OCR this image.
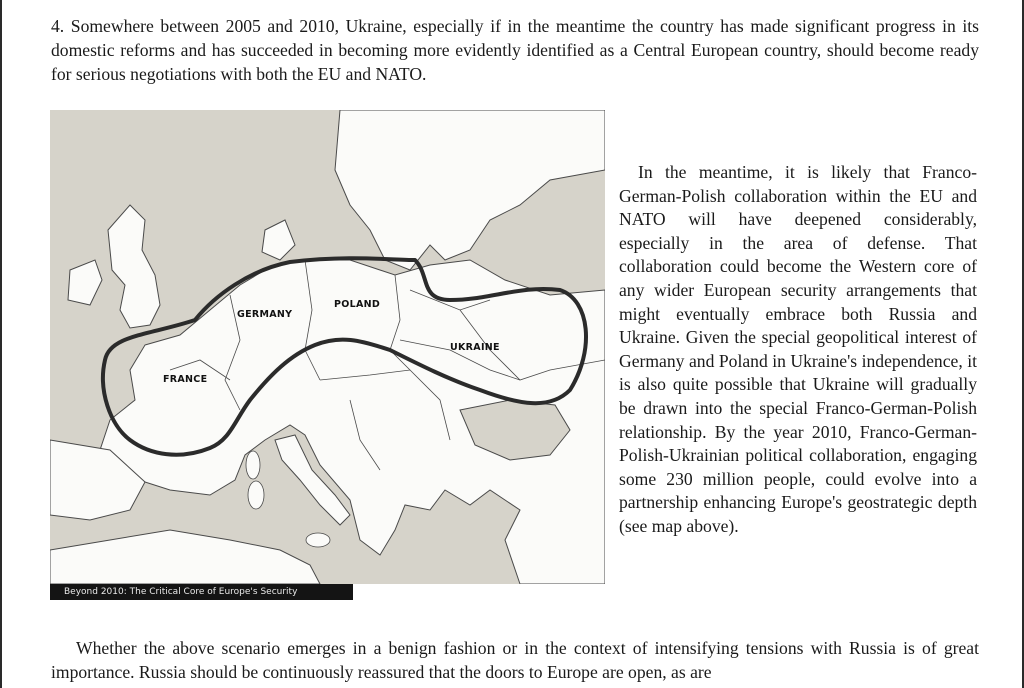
4. Somewhere between 2005 and 2010, Ukraine, especially if in the meantime the country has made significant progress in its domestic reforms and has succeeded in becoming more evidently identified as a Central European country, should become ready for serious negotiations with both the EU and NATO.

FRANCE
GERMANY
POLAND
UKRAINE
Beyond 2010: The Critical Core of Europe's Security

In the meantime, it is likely that Franco-German-Polish collaboration within the EU and NATO will have deepened considerably, especially in the area of defense. That collaboration could become the Western core of any wider European security arrangements that might eventually embrace both Russia and Ukraine. Given the special geopolitical interest of Germany and Poland in Ukraine's independence, it is also quite possible that Ukraine will gradually be drawn into the special Franco-German-Polish relationship. By the year 2010, Franco-German-Polish-Ukrainian political collaboration, engaging some 230 million people, could evolve into a partnership enhancing Europe's geostrategic depth (see map above).

Whether the above scenario emerges in a benign fashion or in the context of intensifying tensions with Russia is of great importance. Russia should be continuously reassured that the doors to Europe are open, as are
